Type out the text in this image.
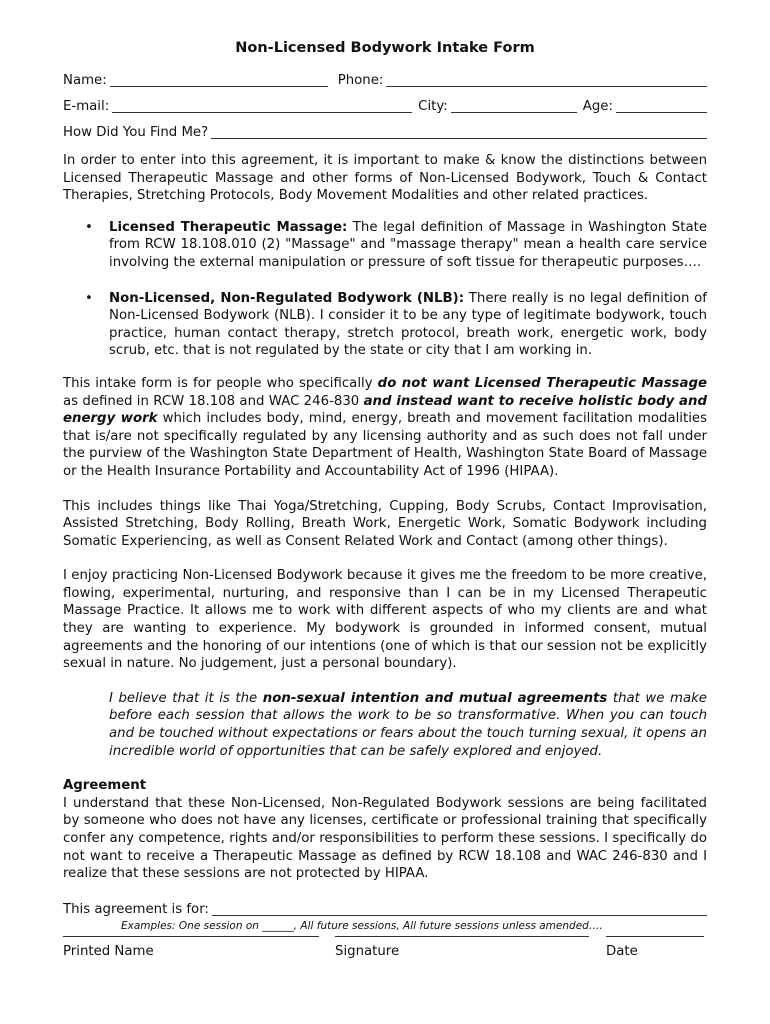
Non-Licensed Bodywork Intake Form
Name:	Phone:
E-mail:	City:	Age:
How Did You Find Me?

In order to enter into this agreement, it is important to make & know the distinctions between Licensed Therapeutic Massage and other forms of Non-Licensed Bodywork, Touch & Contact Therapies, Stretching Protocols, Body Movement Modalities and other related practices.

• Licensed Therapeutic Massage: The legal definition of Massage in Washington State from RCW 18.108.010 (2) "Massage" and "massage therapy" mean a health care service involving the external manipulation or pressure of soft tissue for therapeutic purposes….
• Non-Licensed, Non-Regulated Bodywork (NLB): There really is no legal definition of Non-Licensed Bodywork (NLB). I consider it to be any type of legitimate bodywork, touch practice, human contact therapy, stretch protocol, breath work, energetic work, body scrub, etc. that is not regulated by the state or city that I am working in.

This intake form is for people who specifically do not want Licensed Therapeutic Massage as defined in RCW 18.108 and WAC 246-830 and instead want to receive holistic body and energy work which includes body, mind, energy, breath and movement facilitation modalities that is/are not specifically regulated by any licensing authority and as such does not fall under the purview of the Washington State Department of Health, Washington State Board of Massage or the Health Insurance Portability and Accountability Act of 1996 (HIPAA).

This includes things like Thai Yoga/Stretching, Cupping, Body Scrubs, Contact Improvisation, Assisted Stretching, Body Rolling, Breath Work, Energetic Work, Somatic Bodywork including Somatic Experiencing, as well as Consent Related Work and Contact (among other things).

I enjoy practicing Non-Licensed Bodywork because it gives me the freedom to be more creative, flowing, experimental, nurturing, and responsive than I can be in my Licensed Therapeutic Massage Practice. It allows me to work with different aspects of who my clients are and what they are wanting to experience. My bodywork is grounded in informed consent, mutual agreements and the honoring of our intentions (one of which is that our session not be explicitly sexual in nature. No judgement, just a personal boundary).

I believe that it is the non-sexual intention and mutual agreements that we make before each session that allows the work to be so transformative. When you can touch and be touched without expectations or fears about the touch turning sexual, it opens an incredible world of opportunities that can be safely explored and enjoyed.

Agreement

I understand that these Non-Licensed, Non-Regulated Bodywork sessions are being facilitated by someone who does not have any licenses, certificate or professional training that specifically confer any competence, rights and/or responsibilities to perform these sessions. I specifically do not want to receive a Therapeutic Massage as defined by RCW 18.108 and WAC 246-830 and I realize that these sessions are not protected by HIPAA.

This agreement is for:
Examples: One session on ______, All future sessions, All future sessions unless amended….
Printed Name	Signature	Date
